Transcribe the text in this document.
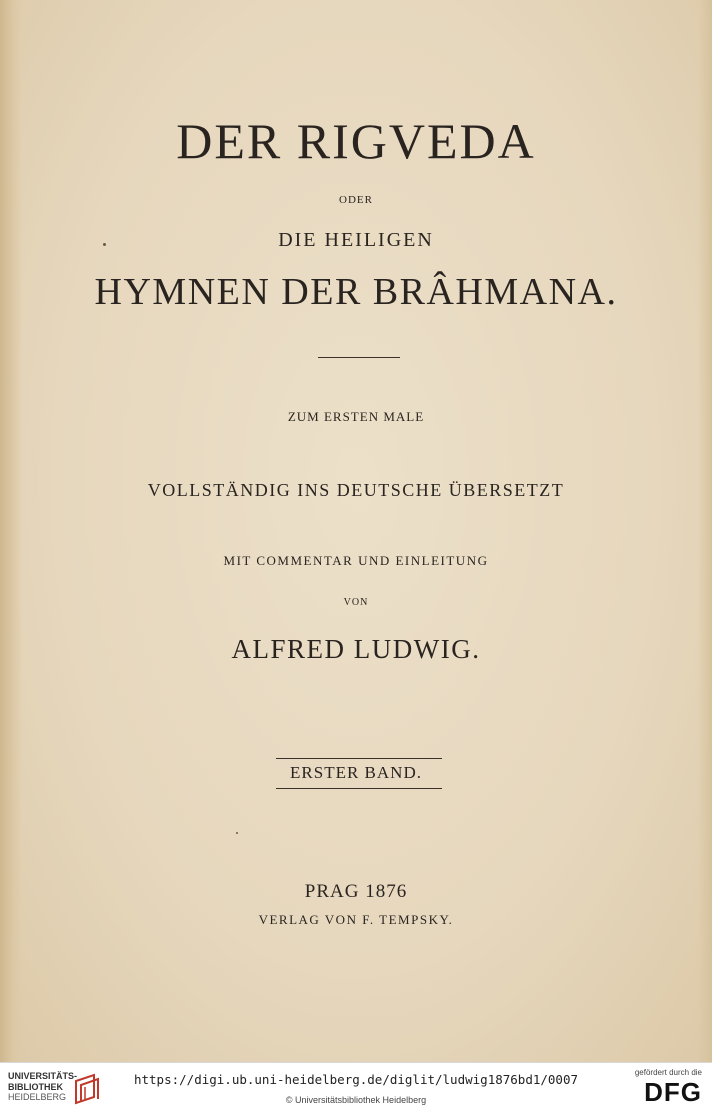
DER RIGVEDA
ODER
DIE HEILIGEN
HYMNEN DER BRÂHMANA.
ZUM ERSTEN MALE
VOLLSTÄNDIG INS DEUTSCHE ÜBERSETZT
MIT COMMENTAR UND EINLEITUNG
VON
ALFRED LUDWIG.
ERSTER BAND.
PRAG 1876
VERLAG VON F. TEMPSKY.
UNIVERSITÄTS-
BIBLIOTHEK
HEIDELBERG
https://digi.ub.uni-heidelberg.de/diglit/ludwig1876bd1/0007
© Universitätsbibliothek Heidelberg
gefördert durch die
DFG
